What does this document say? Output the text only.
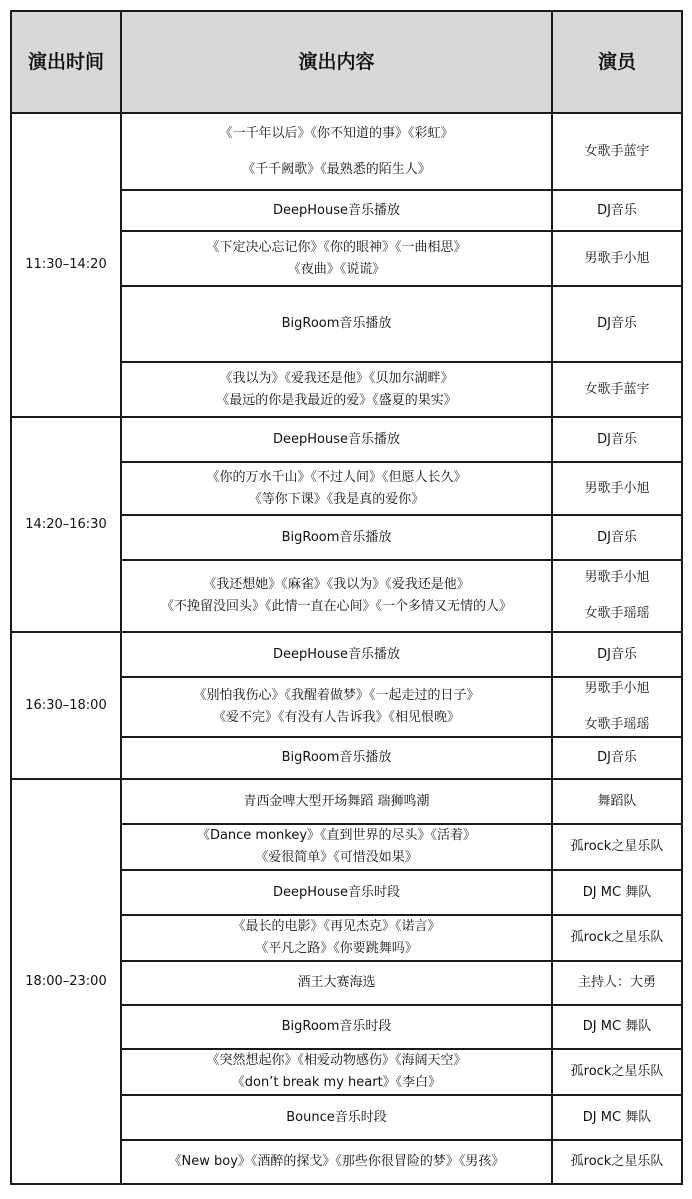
演出时间	演出内容	演员
11:30–14:20	《一千年以后》《你不知道的事》《彩虹》
《千千阙歌》《最熟悉的陌生人》	女歌手蓝宇

	DeepHouse音乐播放	DJ音乐

	《下定决心忘记你》《你的眼神》《一曲相思》
《夜曲》《说谎》	男歌手小旭

	BigRoom音乐播放	DJ音乐

	《我以为》《爱我还是他》《贝加尔湖畔》
《最远的你是我最近的爱》《盛夏的果实》	女歌手蓝宇

14:20–16:30	DeepHouse音乐播放	DJ音乐

	《你的万水千山》《不过人间》《但愿人长久》
《等你下课》《我是真的爱你》	男歌手小旭

	BigRoom音乐播放	DJ音乐

	《我还想她》《麻雀》《我以为》《爱我还是他》
《不挽留没回头》《此情一直在心间》《一个多情又无情的人》	男歌手小旭
女歌手瑶瑶

16:30–18:00	DeepHouse音乐播放	DJ音乐

	《别怕我伤心》《我醒着做梦》《一起走过的日子》
《爱不完》《有没有人告诉我》《相见恨晚》	男歌手小旭
女歌手瑶瑶

	BigRoom音乐播放	DJ音乐

18:00–23:00	青西金啤大型开场舞蹈 瑞狮鸣潮	舞蹈队

	《Dance monkey》《直到世界的尽头》《活着》
《爱很简单》《可惜没如果》	孤rock之星乐队

	DeepHouse音乐时段	DJ MC 舞队

	《最长的电影》《再见杰克》《诺言》
《平凡之路》《你要跳舞吗》	孤rock之星乐队

	酒王大赛海选	主持人：大勇

	BigRoom音乐时段	DJ MC 舞队

	《突然想起你》《相爱动物感伤》《海阔天空》
《don’t break my heart》《李白》	孤rock之星乐队

	Bounce音乐时段	DJ MC 舞队

	《New boy》《酒醉的探戈》《那些你很冒险的梦》《男孩》	孤rock之星乐队
